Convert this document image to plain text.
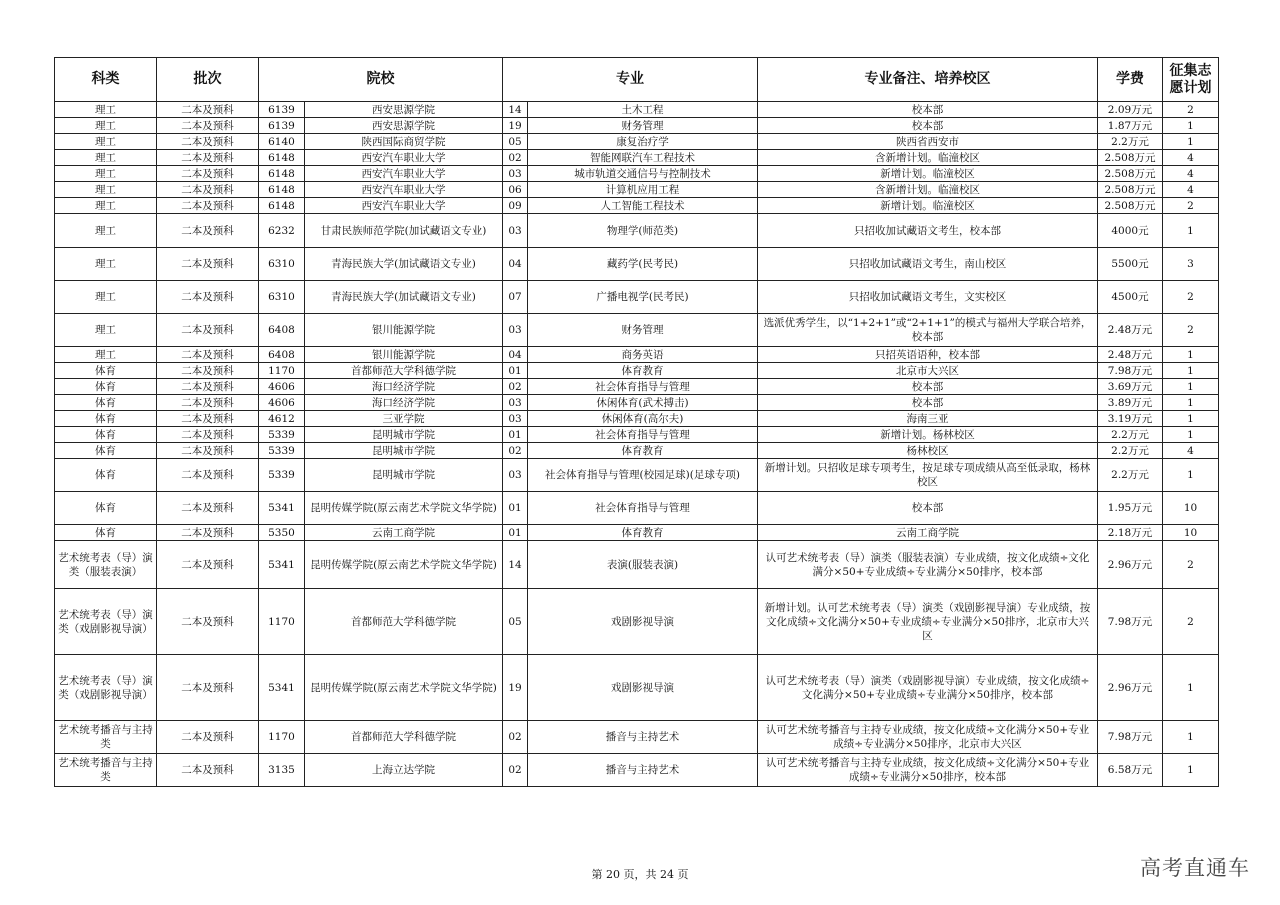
科类	批次	院校		专业		专业备注、培养校区	学费	征集志愿计划
理工	二本及预科	6139	西安思源学院	14	土木工程	校本部	2.09万元	2
理工	二本及预科	6139	西安思源学院	19	财务管理	校本部	1.87万元	1
理工	二本及预科	6140	陕西国际商贸学院	05	康复治疗学	陕西省西安市	2.2万元	1
理工	二本及预科	6148	西安汽车职业大学	02	智能网联汽车工程技术	含新增计划。临潼校区	2.508万元	4
理工	二本及预科	6148	西安汽车职业大学	03	城市轨道交通信号与控制技术	新增计划。临潼校区	2.508万元	4
理工	二本及预科	6148	西安汽车职业大学	06	计算机应用工程	含新增计划。临潼校区	2.508万元	4
理工	二本及预科	6148	西安汽车职业大学	09	人工智能工程技术	新增计划。临潼校区	2.508万元	2
理工	二本及预科	6232	甘肃民族师范学院(加试藏语文专业)	03	物理学(师范类)	只招收加试藏语文考生，校本部	4000元	1
理工	二本及预科	6310	青海民族大学(加试藏语文专业)	04	藏药学(民考民)	只招收加试藏语文考生，南山校区	5500元	3
理工	二本及预科	6310	青海民族大学(加试藏语文专业)	07	广播电视学(民考民)	只招收加试藏语文考生，文实校区	4500元	2
理工	二本及预科	6408	银川能源学院	03	财务管理	选派优秀学生，以“1+2+1”或“2+1+1”的模式与福州大学联合培养，校本部	2.48万元	2
理工	二本及预科	6408	银川能源学院	04	商务英语	只招英语语种，校本部	2.48万元	1
体育	二本及预科	1170	首都师范大学科德学院	01	体育教育	北京市大兴区	7.98万元	1
体育	二本及预科	4606	海口经济学院	02	社会体育指导与管理	校本部	3.69万元	1
体育	二本及预科	4606	海口经济学院	03	休闲体育(武术搏击)	校本部	3.89万元	1
体育	二本及预科	4612	三亚学院	03	休闲体育(高尔夫)	海南三亚	3.19万元	1
体育	二本及预科	5339	昆明城市学院	01	社会体育指导与管理	新增计划。杨林校区	2.2万元	1
体育	二本及预科	5339	昆明城市学院	02	体育教育	杨林校区	2.2万元	4
体育	二本及预科	5339	昆明城市学院	03	社会体育指导与管理(校园足球)(足球专项)	新增计划。只招收足球专项考生，按足球专项成绩从高至低录取，杨林校区	2.2万元	1
体育	二本及预科	5341	昆明传媒学院(原云南艺术学院文华学院)	01	社会体育指导与管理	校本部	1.95万元	10
体育	二本及预科	5350	云南工商学院	01	体育教育	云南工商学院	2.18万元	10
艺术统考表（导）演类（服装表演）	二本及预科	5341	昆明传媒学院(原云南艺术学院文华学院)	14	表演(服装表演)	认可艺术统考表（导）演类（服装表演）专业成绩，按文化成绩÷文化满分×50+专业成绩÷专业满分×50排序，校本部	2.96万元	2
艺术统考表（导）演类（戏剧影视导演）	二本及预科	1170	首都师范大学科德学院	05	戏剧影视导演	新增计划。认可艺术统考表（导）演类（戏剧影视导演）专业成绩，按文化成绩÷文化满分×50+专业成绩÷专业满分×50排序，北京市大兴区	7.98万元	2
艺术统考表（导）演类（戏剧影视导演）	二本及预科	5341	昆明传媒学院(原云南艺术学院文华学院)	19	戏剧影视导演	认可艺术统考表（导）演类（戏剧影视导演）专业成绩，按文化成绩÷文化满分×50+专业成绩÷专业满分×50排序，校本部	2.96万元	1
艺术统考播音与主持类	二本及预科	1170	首都师范大学科德学院	02	播音与主持艺术	认可艺术统考播音与主持专业成绩，按文化成绩÷文化满分×50+专业成绩÷专业满分×50排序，北京市大兴区	7.98万元	1
艺术统考播音与主持类	二本及预科	3135	上海立达学院	02	播音与主持艺术	认可艺术统考播音与主持专业成绩，按文化成绩÷文化满分×50+专业成绩÷专业满分×50排序，校本部	6.58万元	1
第 20 页，共 24 页	高考直通车
